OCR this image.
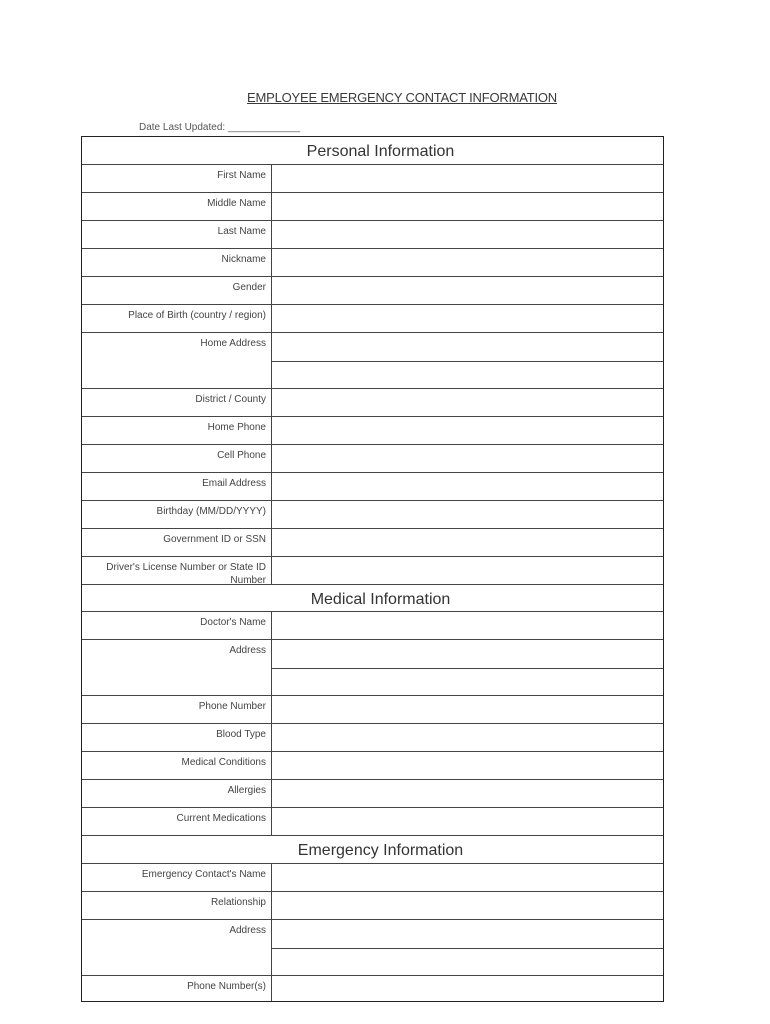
EMPLOYEE EMERGENCY CONTACT INFORMATION
Date Last Updated: _____________
Personal Information
First Name
Middle Name
Last Name
Nickname
Gender
Place of Birth (country / region)
Home Address
District / County
Home Phone
Cell Phone
Email Address
Birthday (MM/DD/YYYY)
Government ID or SSN
Driver's License Number or State ID Number
Medical Information
Doctor's Name
Address
Phone Number
Blood Type
Medical Conditions
Allergies
Current Medications
Emergency Information
Emergency Contact's Name
Relationship
Address
Phone Number(s)
